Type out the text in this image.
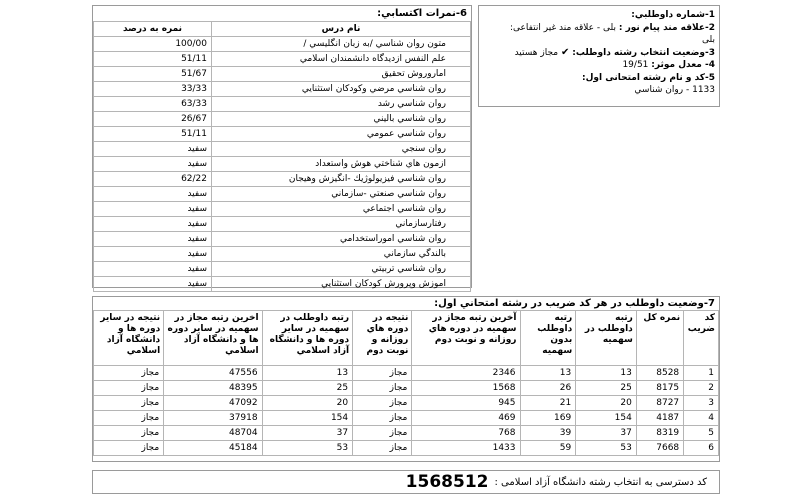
6-نمرات اكتسابي:
نام درس	نمره به درصد
متون روان شناسي /به زبان انگليسي /	100/00
علم النفس ازديدگاه دانشمندان اسلامي	51/11
امارو‌روش تحقيق	51/67
روان شناسي مرضي وكودكان استثنايي	33/33
روان شناسي رشد	63/33
روان شناسي باليني	26/67
روان شناسي عمومي	51/11
روان سنجي	سفيد
ازمون هاي شناختي هوش واستعداد	سفيد
روان شناسي فيزيولوژيك -انگيزش وهيجان	62/22
روان شناسي صنعتي -سازماني	سفيد
روان شناسي اجتماعي	سفيد
رفتارسازماني	سفيد
روان شناسي اموراستخدامي	سفيد
بالندگي سازماني	سفيد
روان شناسي تربيتي	سفيد
اموزش وپرورش كودكان استثنايي	سفيد
1-شماره داوطلبي:
2-علاقه مند پيام نور : بلی - علاقه مند غير انتفاعی:
بلی
3-وضعيت انتخاب رشته داوطلب: ✔ مجاز هستيد
4- معدل موثر: 19/51
5-كد و نام رشته امتحانی اول:
1133 - روان شناسي
7-وضعيت داوطلب در هر كد ضريب در رشته امتحاني اول:
كد ضريب	نمره كل	رتبه داوطلب در سهميه	رتبه داوطلب بدون سهميه	آخرين رتبه مجاز در سهميه در دوره هاي روزانه و نوبت دوم	نتيجه در دوره هاي روزانه و نوبت دوم	رتبه داوطلب در سهميه در ساير دوره ها و دانشگاه آزاد اسلامي	اخرين رتبه مجاز در سهميه در ساير دوره ها و دانشگاه آزاد اسلامي	نتيجه در ساير دوره ها و دانشگاه آزاد اسلامي
1	8528	13	13	2346	مجاز	13	47556	مجاز
2	8175	25	26	1568	مجاز	25	48395	مجاز
3	8727	20	21	945	مجاز	20	47092	مجاز
4	4187	154	169	469	مجاز	154	37918	مجاز
5	8319	37	39	768	مجاز	37	48704	مجاز
6	7668	53	59	1433	مجاز	53	45184	مجاز
كد دسترسی به انتخاب رشته دانشگاه آزاد اسلامی :
1568512
